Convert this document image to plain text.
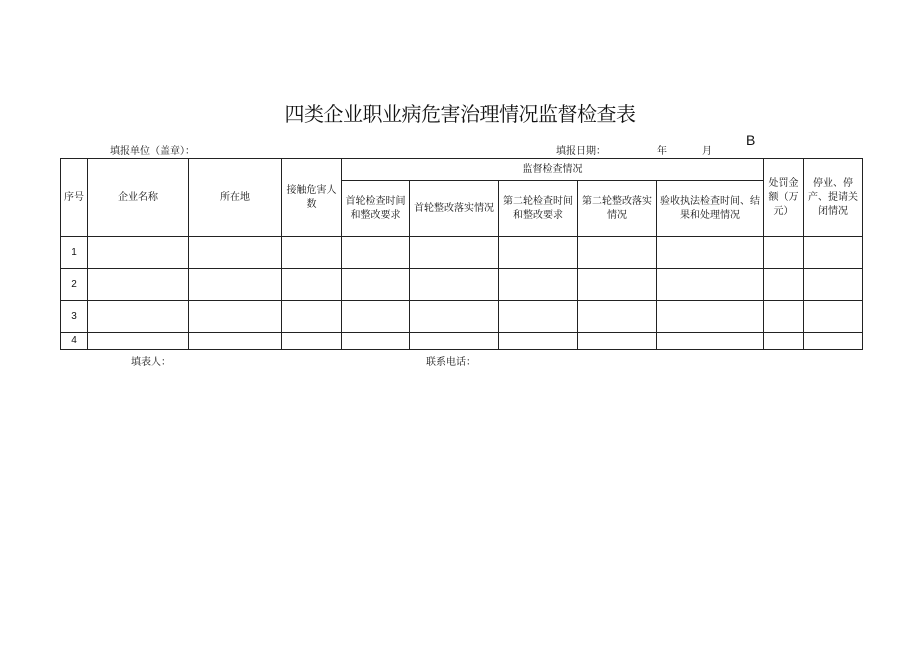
四类企业职业病危害治理情况监督检查表
B
填报单位（盖章）：	填报日期：	年	月
序号	企业名称	所在地	接触危害人数	监督检查情况					处罚金额（万元）	停业、停产、提请关闭情况
				首轮检查时间和整改要求	首轮整改落实情况	第二轮检查时间和整改要求	第二轮整改落实情况	验收执法检查时间、结果和处理情况		
1										
2										
3										
4										
填表人：	联系电话：
